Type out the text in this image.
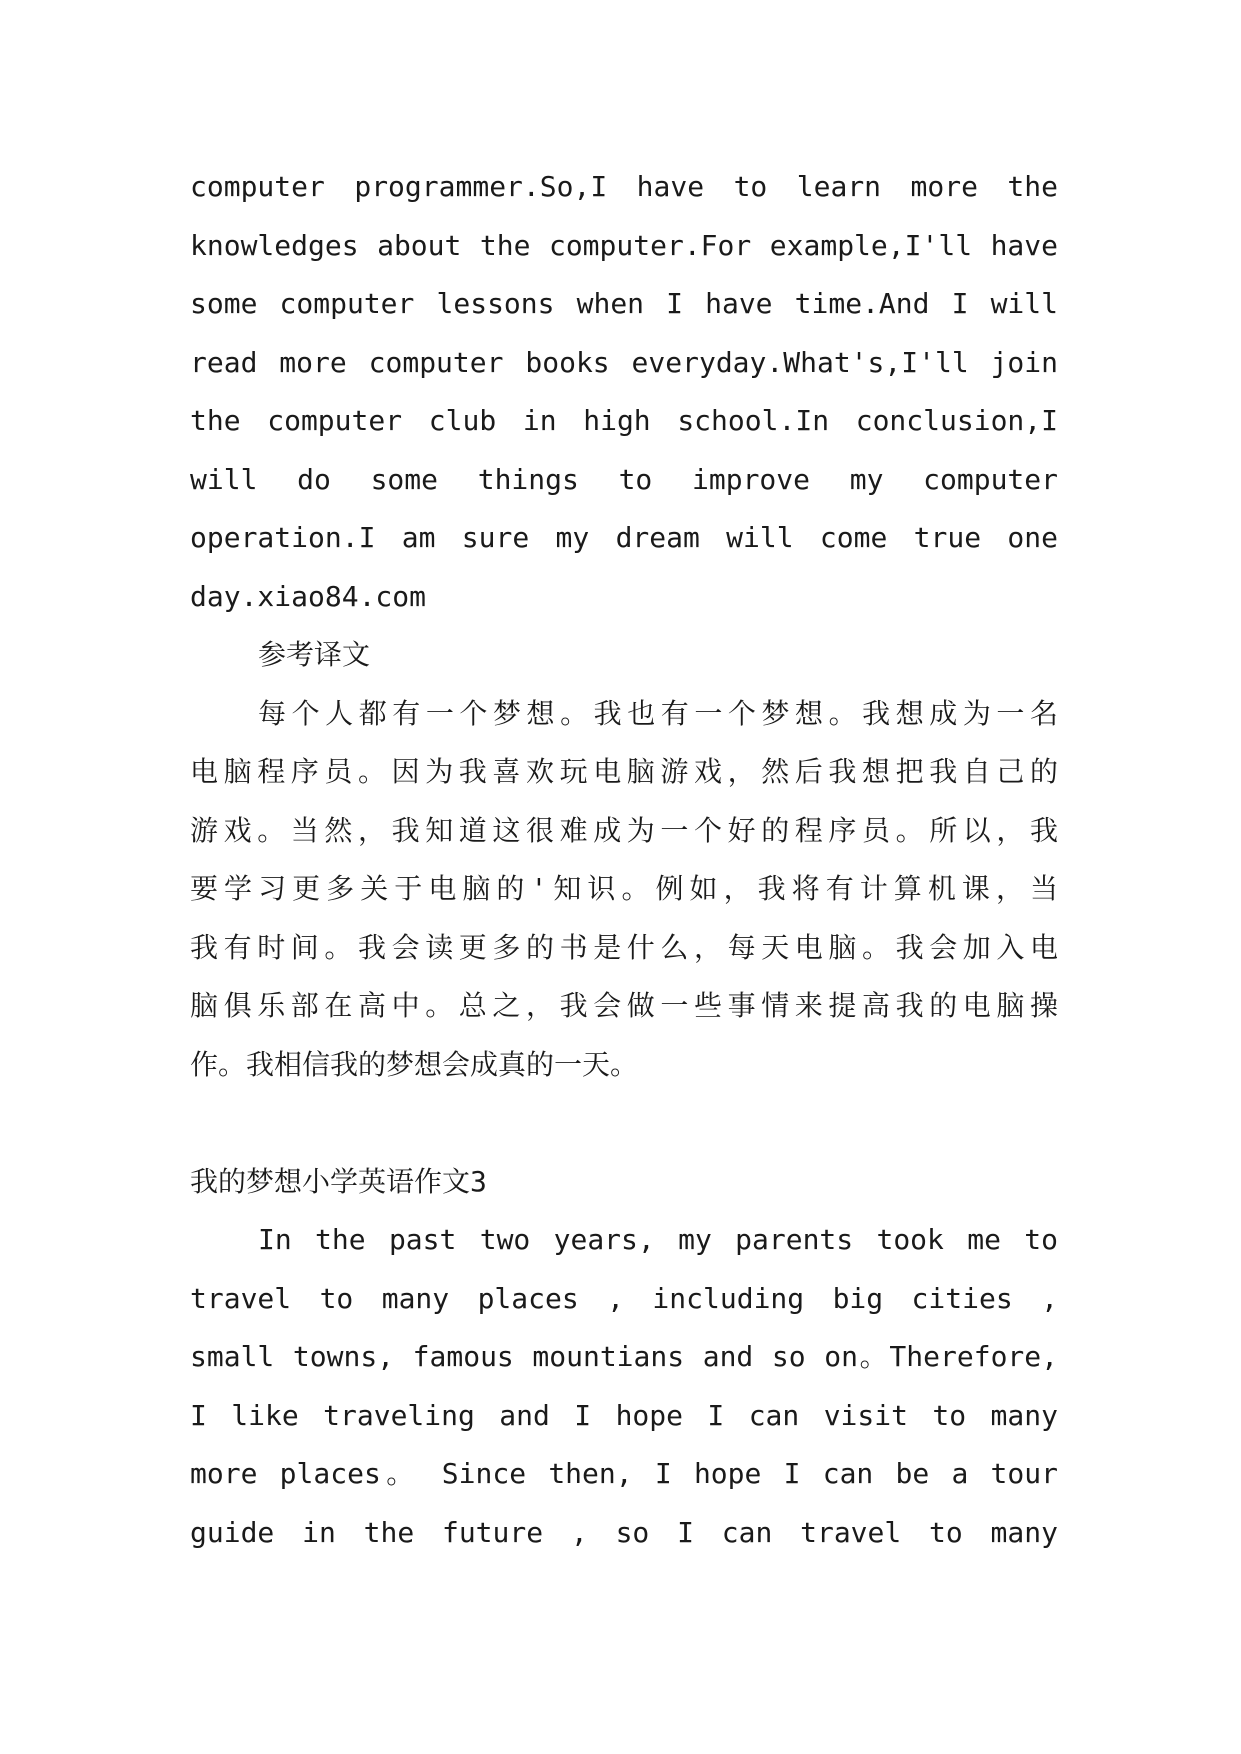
computer programmer.So,I have to learn more the
knowledges about the computer.For example,I'll have
some computer lessons when I have time.And I will
read more computer books everyday.What's,I'll join
the computer club in high school.In conclusion,I
will do some things to improve my computer
operation.I am sure my dream will come true one
day.xiao84.com
参考译文
每个人都有一个梦想。我也有一个梦想。我想成为一名
电脑程序员。因为我喜欢玩电脑游戏，然后我想把我自己的
游戏。当然，我知道这很难成为一个好的程序员。所以，我
要学习更多关于电脑的'知识。例如，我将有计算机课，当
我有时间。我会读更多的书是什么，每天电脑。我会加入电
脑俱乐部在高中。总之，我会做一些事情来提高我的电脑操
作。我相信我的梦想会成真的一天。
我的梦想小学英语作文3
In the past two years, my parents took me to
travel to many places , including big cities ,
small towns, famous mountians and so on。Therefore,
I like traveling and I hope I can visit to many
more places。 Since then, I hope I can be a tour
guide in the future , so I can travel to many
